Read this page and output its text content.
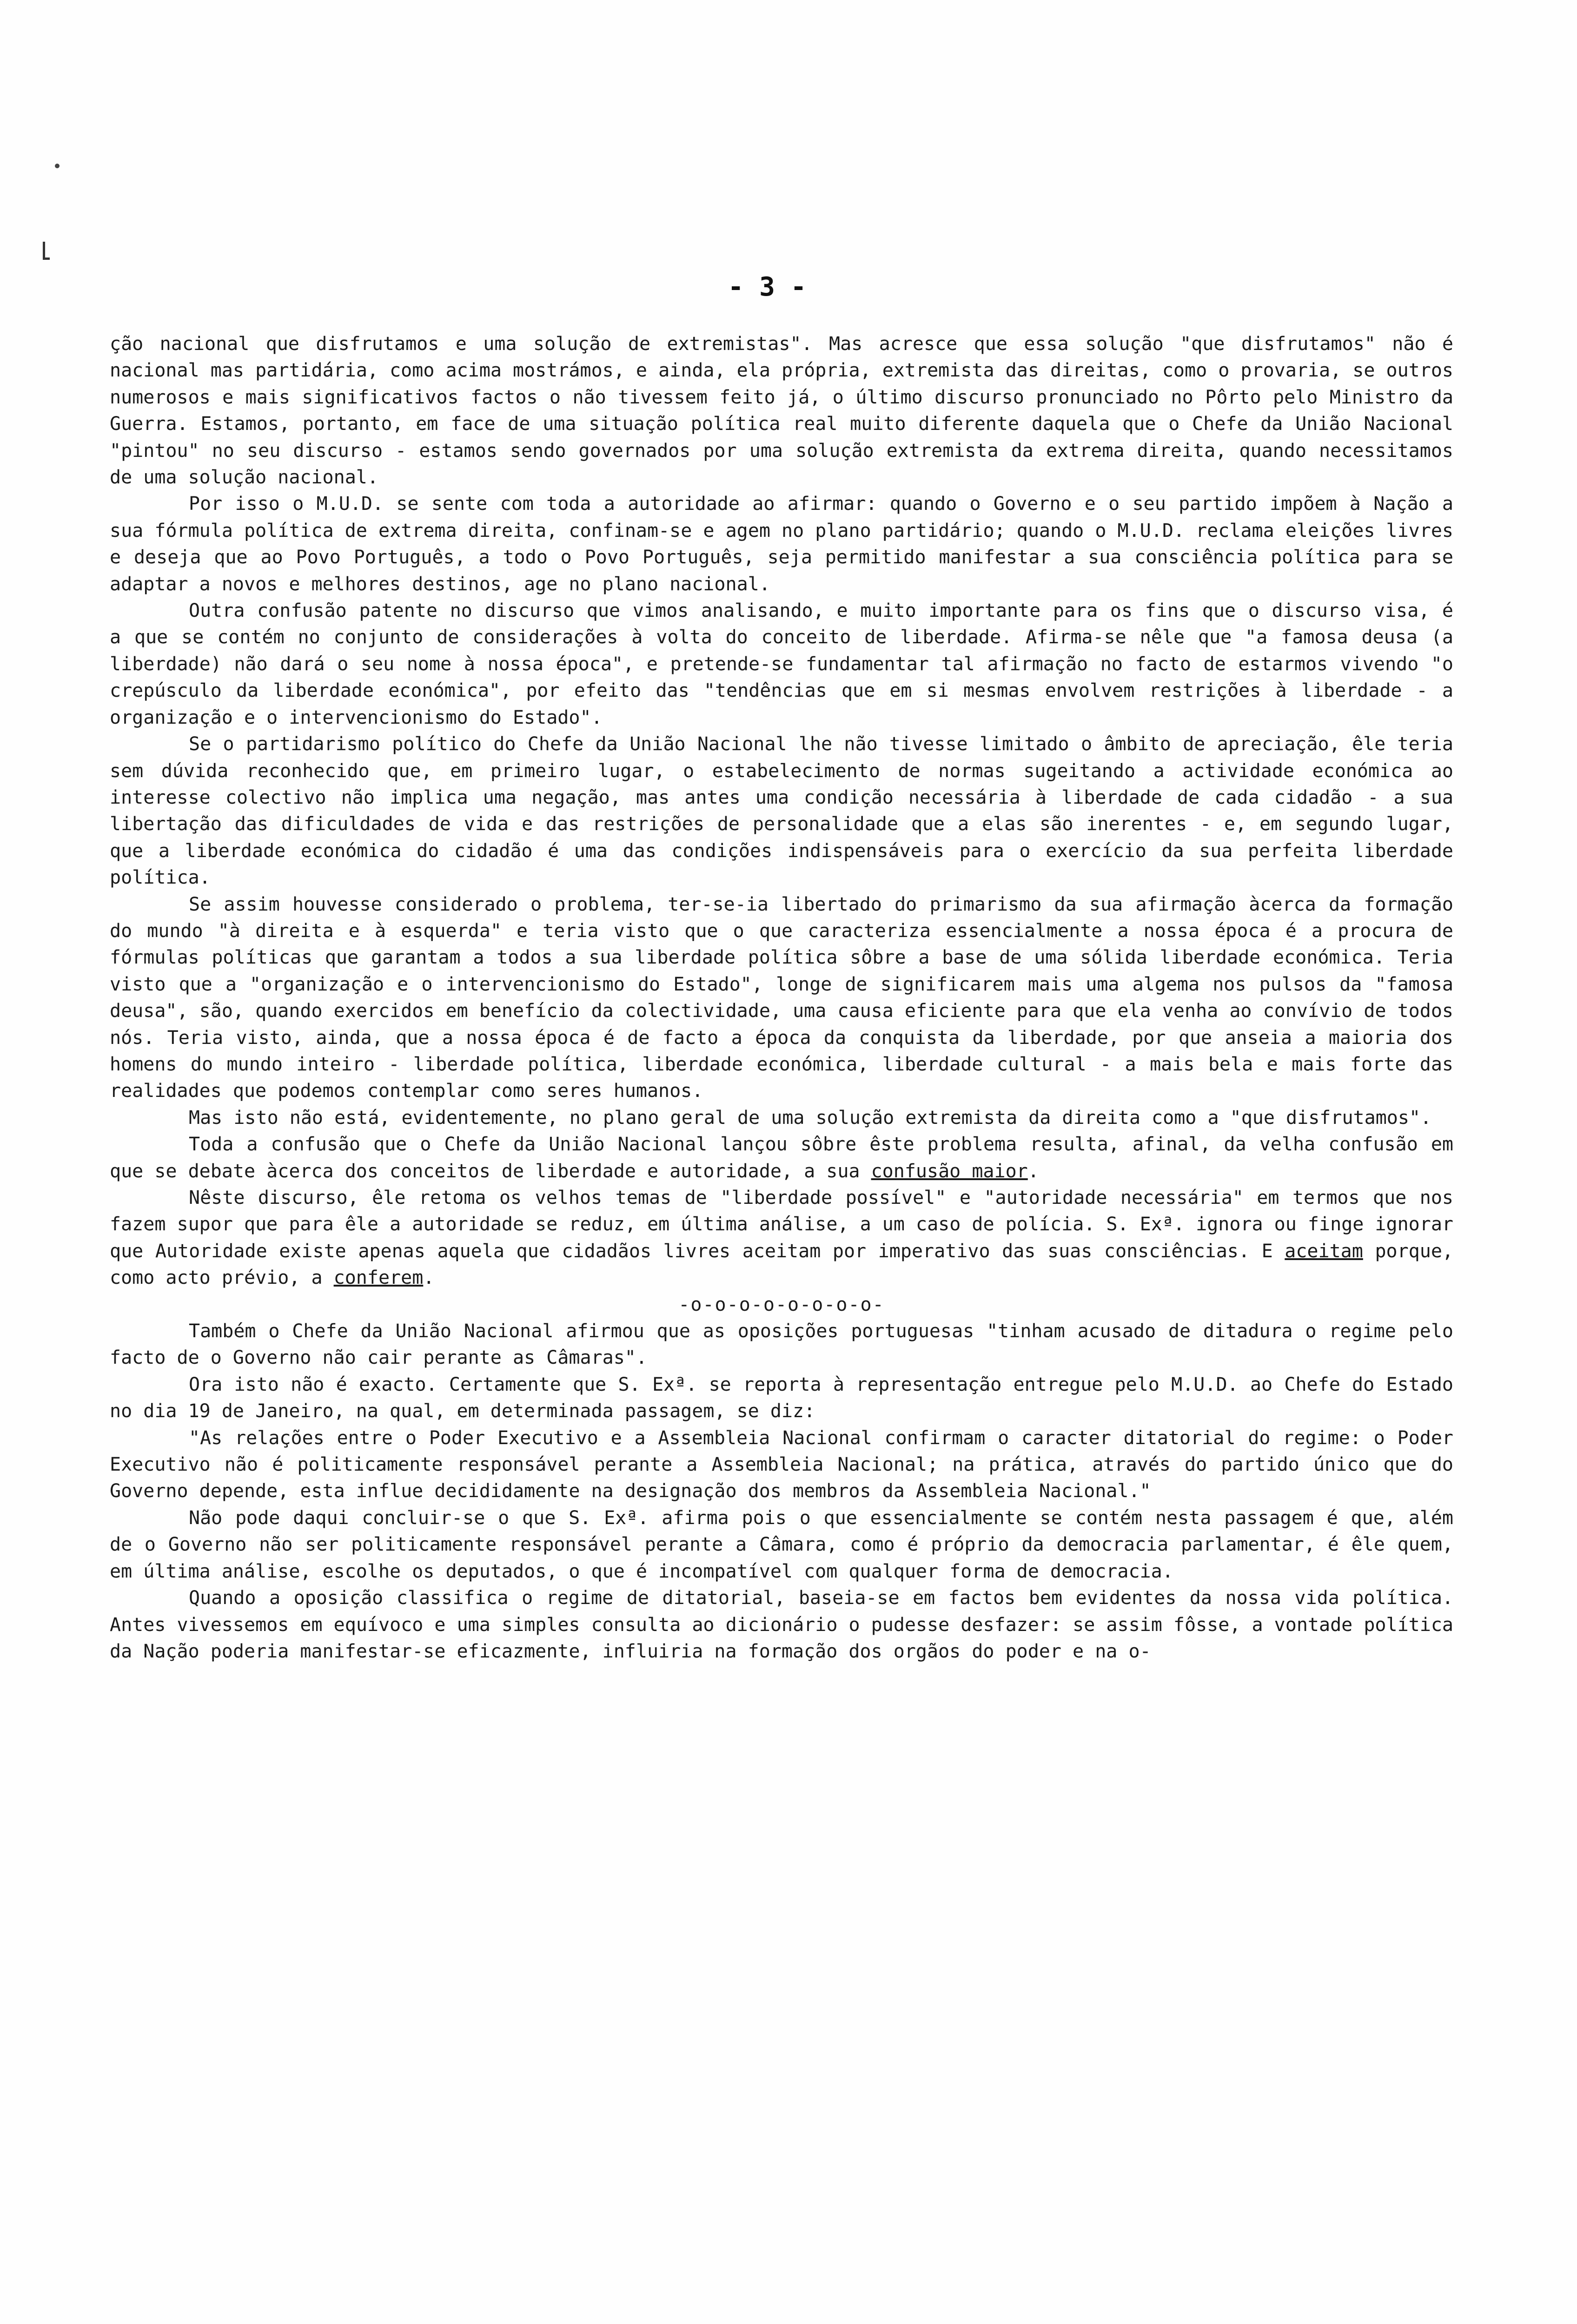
- 3 -

ção nacional que disfrutamos e uma solução de extremistas". Mas acresce que essa solução "que disfrutamos" não é nacional mas partidária, como acima mostrámos, e ainda, ela própria, extremista das direitas, como o provaria, se outros numerosos e mais significativos factos o não tivessem feito já, o último discurso pronunciado no Pôrto pelo Ministro da Guerra. Estamos, portanto, em face de uma situação política real muito diferente daquela que o Chefe da União Nacional "pintou" no seu discurso - estamos sendo governados por uma solução extremista da extrema direita, quando necessitamos de uma solução nacional.

Por isso o M.U.D. se sente com toda a autoridade ao afirmar: quando o Governo e o seu partido impõem à Nação a sua fórmula política de extrema direita, confinam-se e agem no plano partidário; quando o M.U.D. reclama eleições livres e deseja que ao Povo Português, a todo o Povo Português, seja permitido manifestar a sua consciência política para se adaptar a novos e melhores destinos, age no plano nacional.

Outra confusão patente no discurso que vimos analisando, e muito importante para os fins que o discurso visa, é a que se contém no conjunto de considerações à volta do conceito de liberdade. Afirma-se nêle que "a famosa deusa (a liberdade) não dará o seu nome à nossa época", e pretende-se fundamentar tal afirmação no facto de estarmos vivendo "o crepúsculo da liberdade económica", por efeito das "tendências que em si mesmas envolvem restrições à liberdade - a organização e o intervencionismo do Estado".

Se o partidarismo político do Chefe da União Nacional lhe não tivesse limitado o âmbito de apreciação, êle teria sem dúvida reconhecido que, em primeiro lugar, o estabelecimento de normas sugeitando a actividade económica ao interesse colectivo não implica uma negação, mas antes uma condição necessária à liberdade de cada cidadão - a sua libertação das dificuldades de vida e das restrições de personalidade que a elas são inerentes - e, em segundo lugar, que a liberdade económica do cidadão é uma das condições indispensáveis para o exercício da sua perfeita liberdade política.

Se assim houvesse considerado o problema, ter-se-ia libertado do primarismo da sua afirmação àcerca da formação do mundo "à direita e à esquerda" e teria visto que o que caracteriza essencialmente a nossa época é a procura de fórmulas políticas que garantam a todos a sua liberdade política sôbre a base de uma sólida liberdade económica. Teria visto que a "organização e o intervencionismo do Estado", longe de significarem mais uma algema nos pulsos da "famosa deusa", são, quando exercidos em benefício da colectividade, uma causa eficiente para que ela venha ao convívio de todos nós. Teria visto, ainda, que a nossa época é de facto a época da conquista da liberdade, por que anseia a maioria dos homens do mundo inteiro - liberdade política, liberdade económica, liberdade cultural - a mais bela e mais forte das realidades que podemos contemplar como seres humanos.

Mas isto não está, evidentemente, no plano geral de uma solução extremista da direita como a "que disfrutamos".

Toda a confusão que o Chefe da União Nacional lançou sôbre êste problema resulta, afinal, da velha confusão em que se debate àcerca dos conceitos de liberdade e autoridade, a sua confusão maior.

Nêste discurso, êle retoma os velhos temas de "liberdade possível" e "autoridade necessária" em termos que nos fazem supor que para êle a autoridade se reduz, em última análise, a um caso de polícia. S. Exª. ignora ou finge ignorar que Autoridade existe apenas aquela que cidadãos livres aceitam por imperativo das suas consciências. E aceitam porque, como acto prévio, a conferem.

-o-o-o-o-o-o-o-o-

Também o Chefe da União Nacional afirmou que as oposições portuguesas "tinham acusado de ditadura o regime pelo facto de o Governo não cair perante as Câmaras".

Ora isto não é exacto. Certamente que S. Exª. se reporta à representação entregue pelo M.U.D. ao Chefe do Estado no dia 19 de Janeiro, na qual, em determinada passagem, se diz:

"As relações entre o Poder Executivo e a Assembleia Nacional confirmam o caracter ditatorial do regime: o Poder Executivo não é politicamente responsável perante a Assembleia Nacional; na prática, através do partido único que do Governo depende, esta influe decididamente na designação dos membros da Assembleia Nacional."

Não pode daqui concluir-se o que S. Exª. afirma pois o que essencialmente se contém nesta passagem é que, além de o Governo não ser politicamente responsável perante a Câmara, como é próprio da democracia parlamentar, é êle quem, em última análise, escolhe os deputados, o que é incompatível com qualquer forma de democracia.

Quando a oposição classifica o regime de ditatorial, baseia-se em factos bem evidentes da nossa vida política. Antes vivessemos em equívoco e uma simples consulta ao dicionário o pudesse desfazer: se assim fôsse, a vontade política da Nação poderia manifestar-se eficazmente, influiria na formação dos orgãos do poder e na o-
